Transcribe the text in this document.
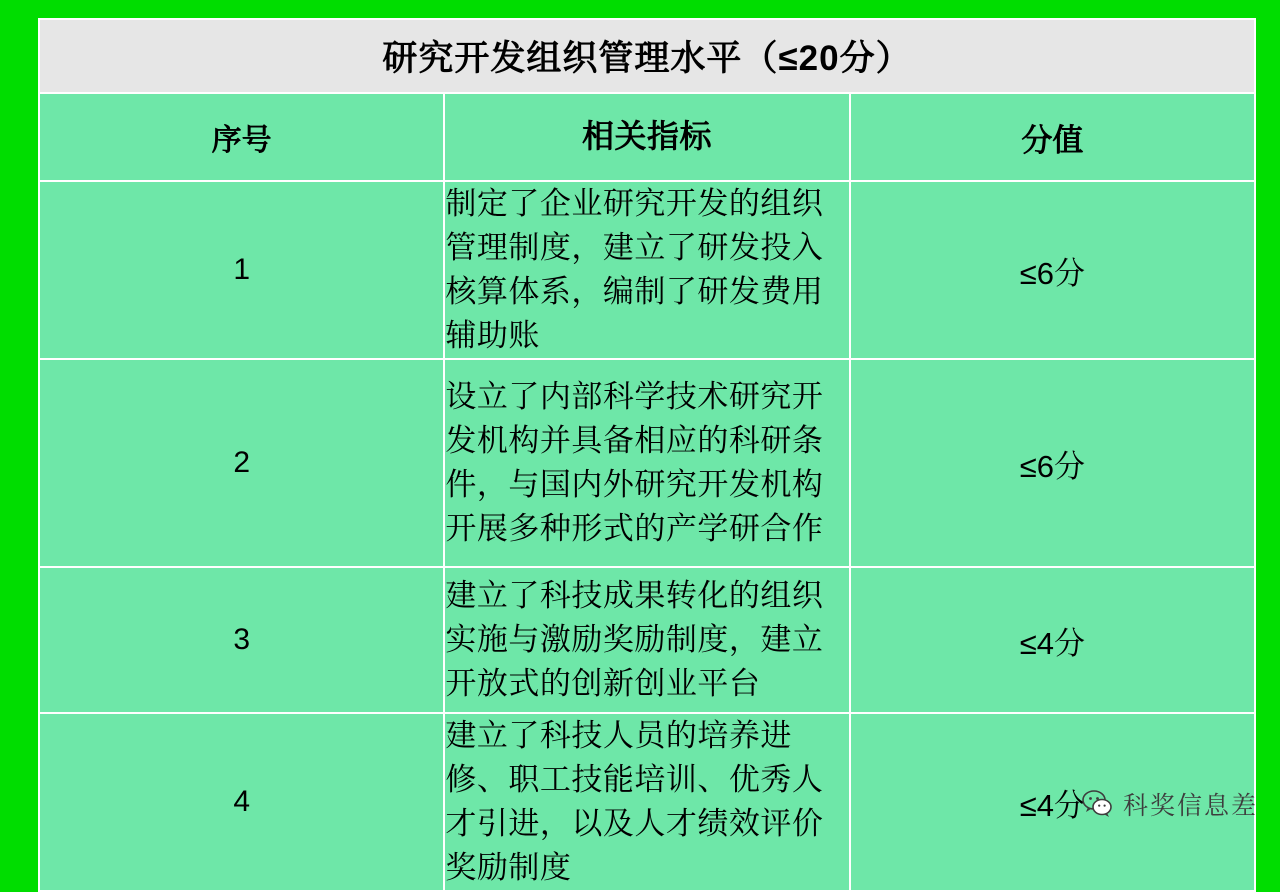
研究开发组织管理水平（≤20分）		
序号	相关指标	分值
1	制定了企业研究开发的组织管理制度，建立了研发投入核算体系，编制了研发费用辅助账	≤6分
2	设立了内部科学技术研究开发机构并具备相应的科研条件，与国内外研究开发机构开展多种形式的产学研合作	≤6分
3	建立了科技成果转化的组织实施与激励奖励制度，建立开放式的创新创业平台	≤4分
4	建立了科技人员的培养进修、职工技能培训、优秀人才引进，以及人才绩效评价奖励制度	≤4分 科奖信息差
